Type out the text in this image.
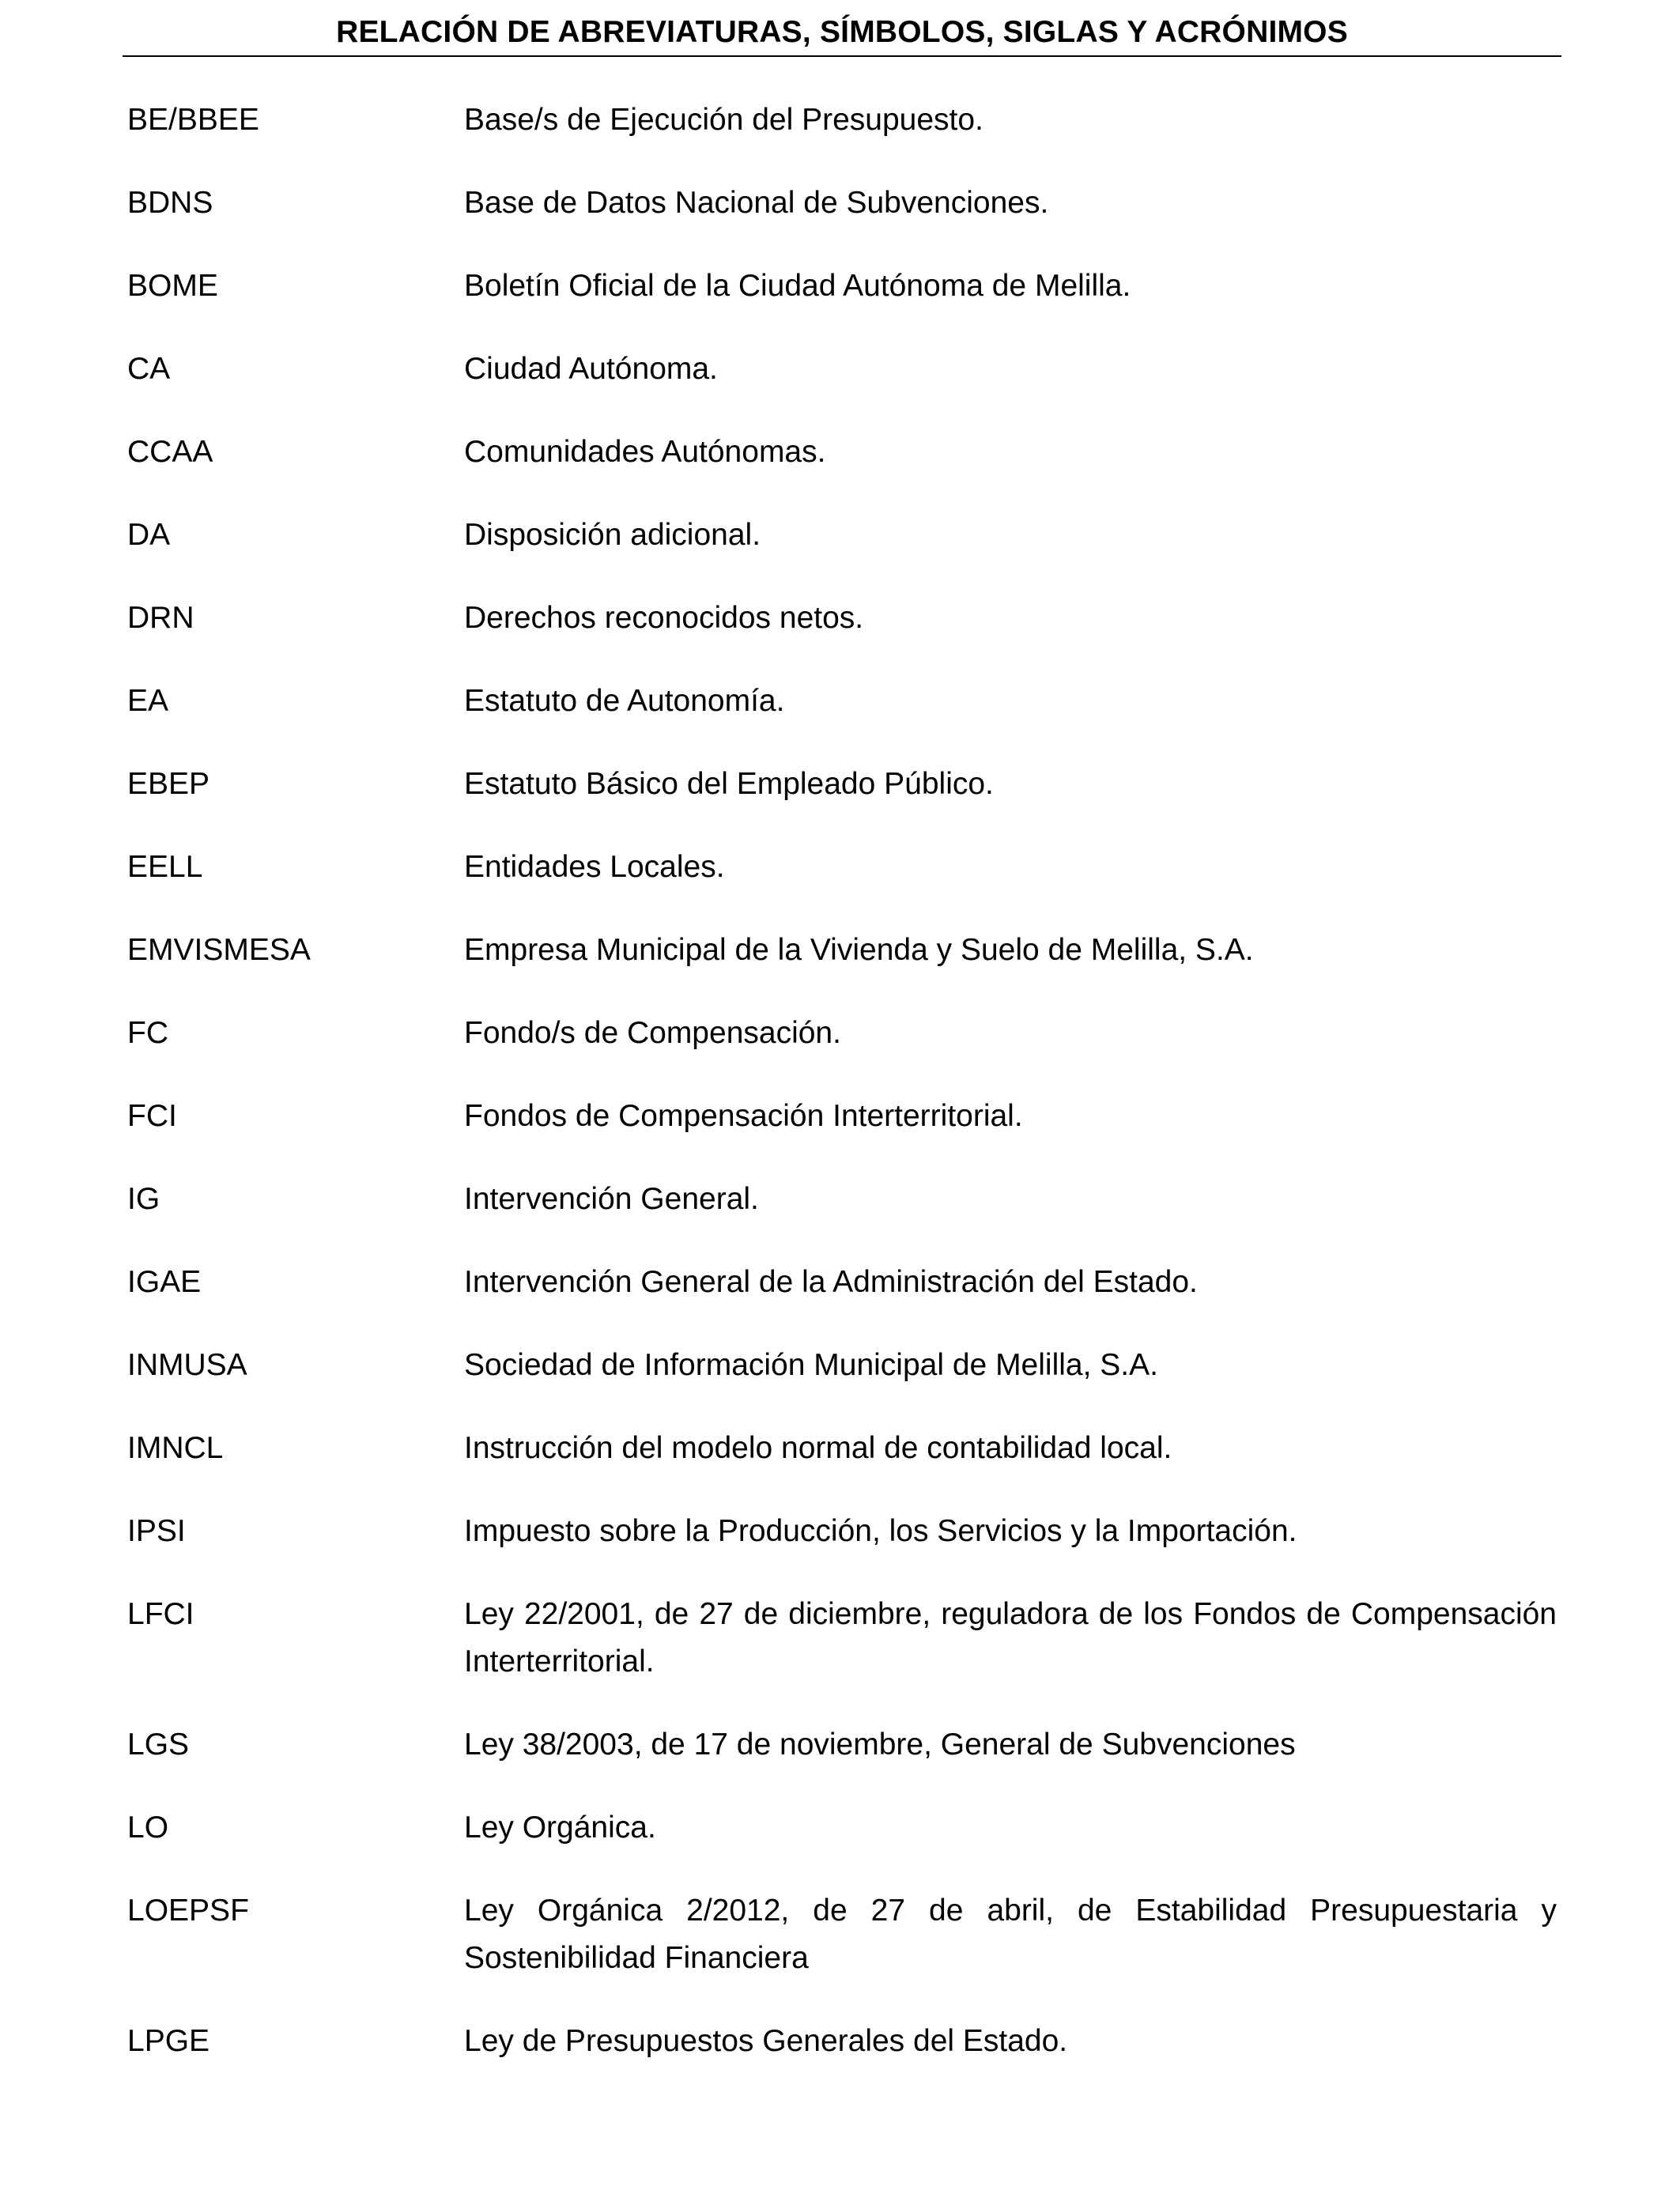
RELACIÓN DE ABREVIATURAS, SÍMBOLOS, SIGLAS Y ACRÓNIMOS
BE/BBEE	Base/s de Ejecución del Presupuesto.
BDNS	Base de Datos Nacional de Subvenciones.
BOME	Boletín Oficial de la Ciudad Autónoma de Melilla.
CA	Ciudad Autónoma.
CCAA	Comunidades Autónomas.
DA	Disposición adicional.
DRN	Derechos reconocidos netos.
EA	Estatuto de Autonomía.
EBEP	Estatuto Básico del Empleado Público.
EELL	Entidades Locales.
EMVISMESA	Empresa Municipal de la Vivienda y Suelo de Melilla, S.A.
FC	Fondo/s de Compensación.
FCI	Fondos de Compensación Interterritorial.
IG	Intervención General.
IGAE	Intervención General de la Administración del Estado.
INMUSA	Sociedad de Información Municipal de Melilla, S.A.
IMNCL	Instrucción del modelo normal de contabilidad local.
IPSI	Impuesto sobre la Producción, los Servicios y la Importación.
LFCI	Ley 22/2001, de 27 de diciembre, reguladora de los Fondos de Compensación Interterritorial.
LGS	Ley 38/2003, de 17 de noviembre, General de Subvenciones
LO	Ley Orgánica.
LOEPSF	Ley Orgánica 2/2012, de 27 de abril, de Estabilidad Presupuestaria y Sostenibilidad Financiera
LPGE	Ley de Presupuestos Generales del Estado.
